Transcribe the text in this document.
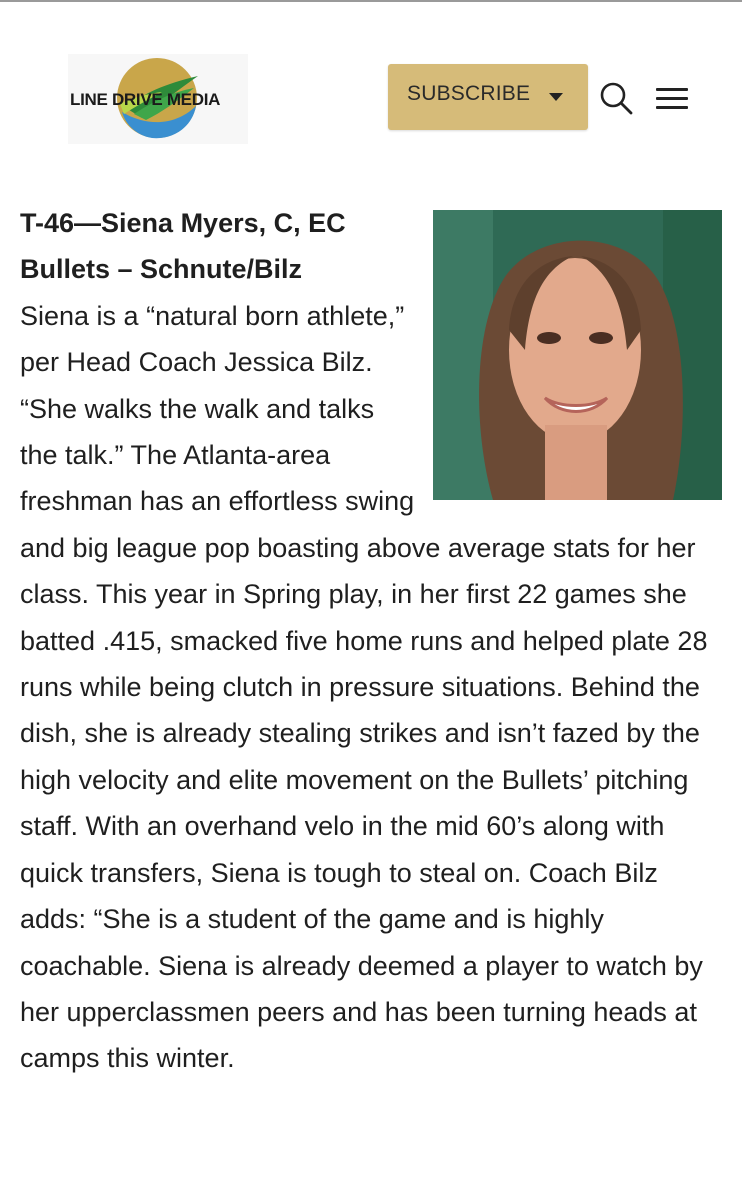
LINE DRIVE MEDIA	SUBSCRIBE
T-46—Siena Myers, C, EC
Bullets – Schnute/Bilz
Siena is a “natural born athlete,” per Head Coach Jessica Bilz. “She walks the walk and talks the talk.” The Atlanta-area freshman has an effortless swing and big league pop boasting above average stats for her class. This year in Spring play, in her first 22 games she batted .415, smacked five home runs and helped plate 28 runs while being clutch in pressure situations. Behind the dish, she is already stealing strikes and isn’t fazed by the high velocity and elite movement on the Bullets’ pitching staff. With an overhand velo in the mid 60’s along with quick transfers, Siena is tough to steal on. Coach Bilz adds: “She is a student of the game and is highly coachable. Siena is already deemed a player to watch by her upperclassmen peers and has been turning heads at camps this winter.
